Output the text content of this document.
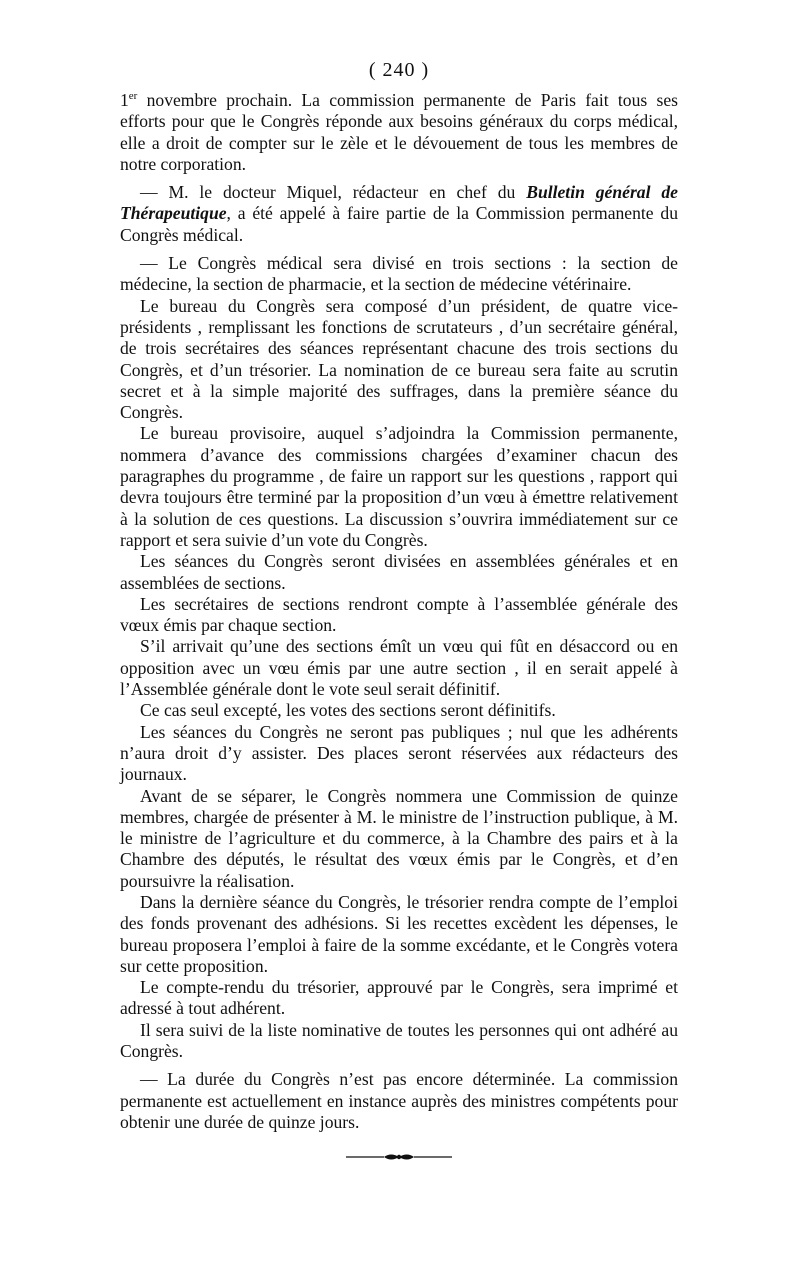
( 240 )

1er novembre prochain. La commission permanente de Paris fait tous ses efforts pour que le Congrès réponde aux besoins généraux du corps médical, elle a droit de compter sur le zèle et le dévouement de tous les membres de notre corporation.

— M. le docteur Miquel, rédacteur en chef du Bulletin général de Thérapeutique, a été appelé à faire partie de la Commission permanente du Congrès médical.

— Le Congrès médical sera divisé en trois sections : la section de médecine, la section de pharmacie, et la section de médecine vétérinaire.

Le bureau du Congrès sera composé d’un président, de quatre vice-présidents , remplissant les fonctions de scrutateurs , d’un secrétaire général, de trois secrétaires des séances représentant chacune des trois sections du Congrès, et d’un trésorier. La nomination de ce bureau sera faite au scrutin secret et à la simple majorité des suffrages, dans la première séance du Congrès.

Le bureau provisoire, auquel s’adjoindra la Commission permanente, nommera d’avance des commissions chargées d’examiner chacun des paragraphes du programme , de faire un rapport sur les questions , rapport qui devra toujours être terminé par la proposition d’un vœu à émettre relativement à la solution de ces questions. La discussion s’ouvrira immédiatement sur ce rapport et sera suivie d’un vote du Congrès.

Les séances du Congrès seront divisées en assemblées générales et en assemblées de sections.

Les secrétaires de sections rendront compte à l’assemblée générale des vœux émis par chaque section.

S’il arrivait qu’une des sections émît un vœu qui fût en désaccord ou en opposition avec un vœu émis par une autre section , il en serait appelé à l’Assemblée générale dont le vote seul serait définitif.

Ce cas seul excepté, les votes des sections seront définitifs.

Les séances du Congrès ne seront pas publiques ; nul que les adhérents n’aura droit d’y assister. Des places seront réservées aux rédacteurs des journaux.

Avant de se séparer, le Congrès nommera une Commission de quinze membres, chargée de présenter à M. le ministre de l’instruction publique, à M. le ministre de l’agriculture et du commerce, à la Chambre des pairs et à la Chambre des députés, le résultat des vœux émis par le Congrès, et d’en poursuivre la réalisation.

Dans la dernière séance du Congrès, le trésorier rendra compte de l’emploi des fonds provenant des adhésions. Si les recettes excèdent les dépenses, le bureau proposera l’emploi à faire de la somme excédante, et le Congrès votera sur cette proposition.

Le compte-rendu du trésorier, approuvé par le Congrès, sera imprimé et adressé à tout adhérent.

Il sera suivi de la liste nominative de toutes les personnes qui ont adhéré au Congrès.

— La durée du Congrès n’est pas encore déterminée. La commission permanente est actuellement en instance auprès des ministres compétents pour obtenir une durée de quinze jours.
